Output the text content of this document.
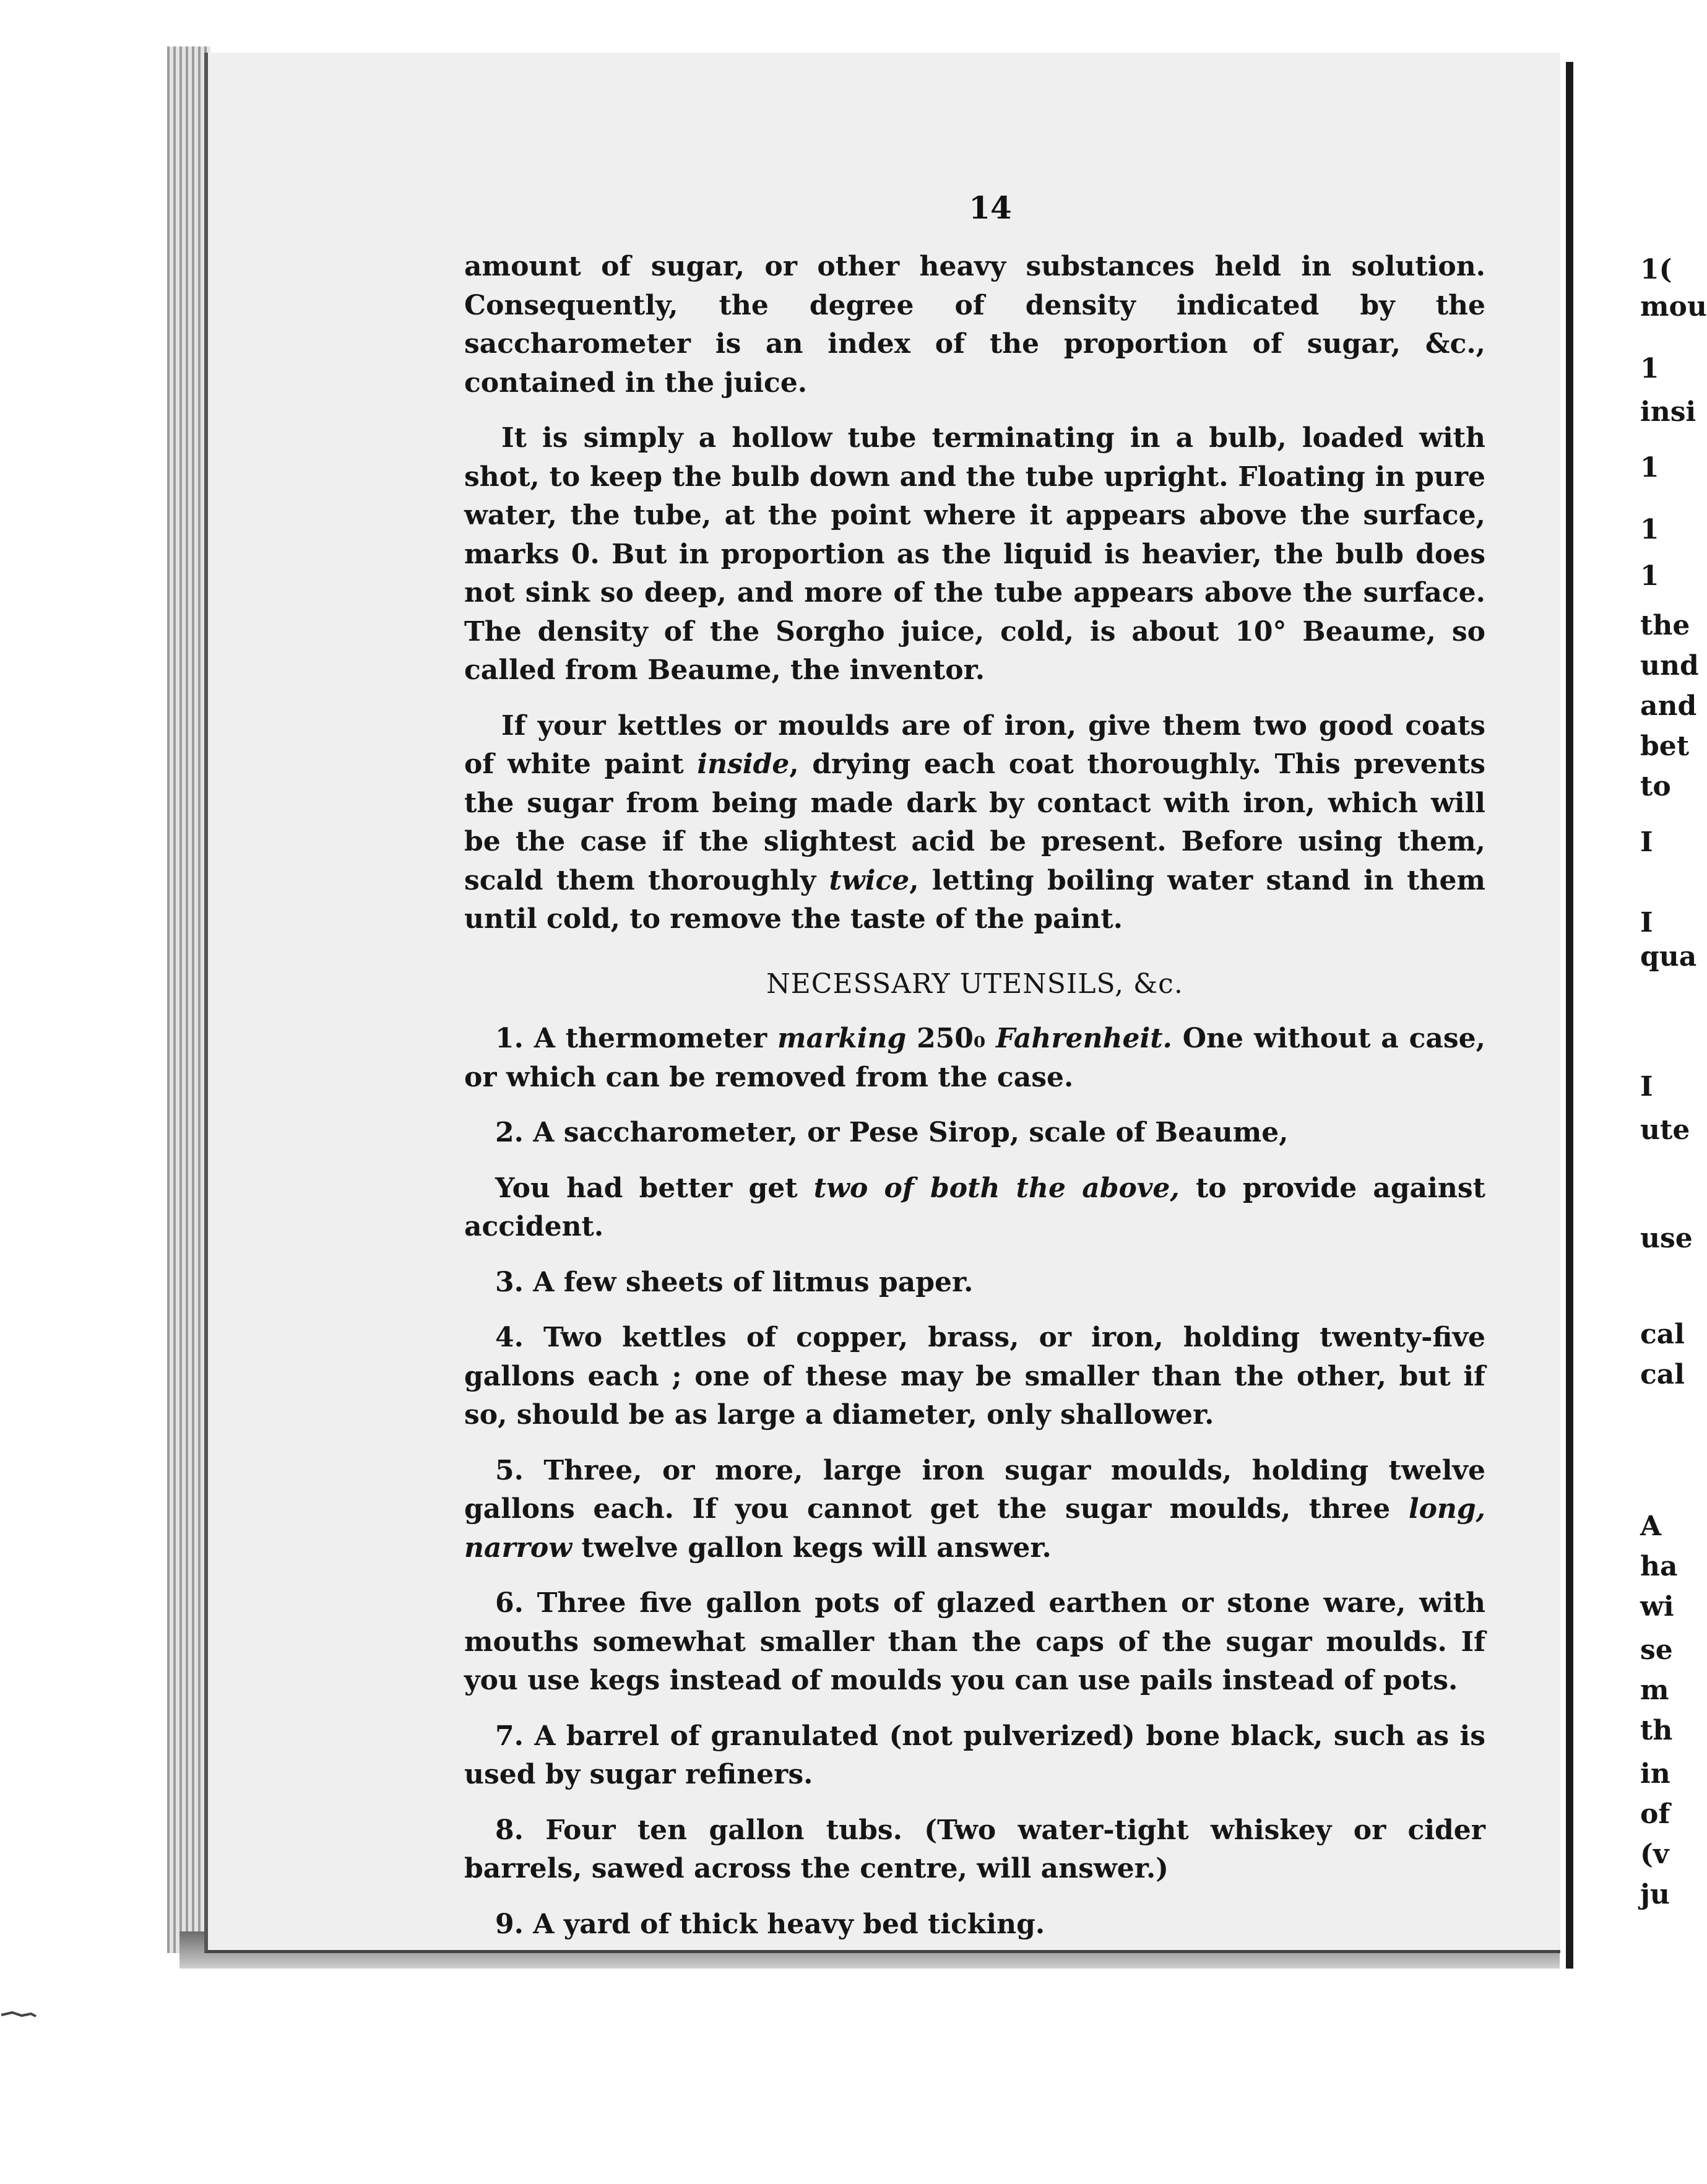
14

amount of sugar, or other heavy substances held in solution. Consequently, the degree of density indicated by the saccharometer is an index of the proportion of sugar, &c., contained in the juice.

It is simply a hollow tube terminating in a bulb, loaded with shot, to keep the bulb down and the tube upright. Floating in pure water, the tube, at the point where it appears above the surface, marks 0. But in proportion as the liquid is heavier, the bulb does not sink so deep, and more of the tube appears above the surface. The density of the Sorgho juice, cold, is about 10° Beaume, so called from Beaume, the inventor.

If your kettles or moulds are of iron, give them two good coats of white paint inside, drying each coat thoroughly. This prevents the sugar from being made dark by contact with iron, which will be the case if the slightest acid be present. Before using them, scald them thoroughly twice, letting boiling water stand in them until cold, to remove the taste of the paint.

NECESSARY UTENSILS, &c.

1. A thermometer marking 250₀ Fahrenheit. One without a case, or which can be removed from the case.

2. A saccharometer, or Pese Sirop, scale of Beaume,

You had better get two of both the above, to provide against accident.

3. A few sheets of litmus paper.

4. Two kettles of copper, brass, or iron, holding twenty-five gallons each ; one of these may be smaller than the other, but if so, should be as large a diameter, only shallower.

5. Three, or more, large iron sugar moulds, holding twelve gallons each. If you cannot get the sugar moulds, three long, narrow twelve gallon kegs will answer.

6. Three five gallon pots of glazed earthen or stone ware, with mouths somewhat smaller than the caps of the sugar moulds. If you use kegs instead of moulds you can use pails instead of pots.

7. A barrel of granulated (not pulverized) bone black, such as is used by sugar refiners.

8. Four ten gallon tubs. (Two water-tight whiskey or cider barrels, sawed across the centre, will answer.)

9. A yard of thick heavy bed ticking.

1(
mou
1
insi
1
1
1
the
und
and
bet
to
I
I
qua
I
ute
use
cal
cal
A
ha
wi
se
m
th
in
of
(v
ju
